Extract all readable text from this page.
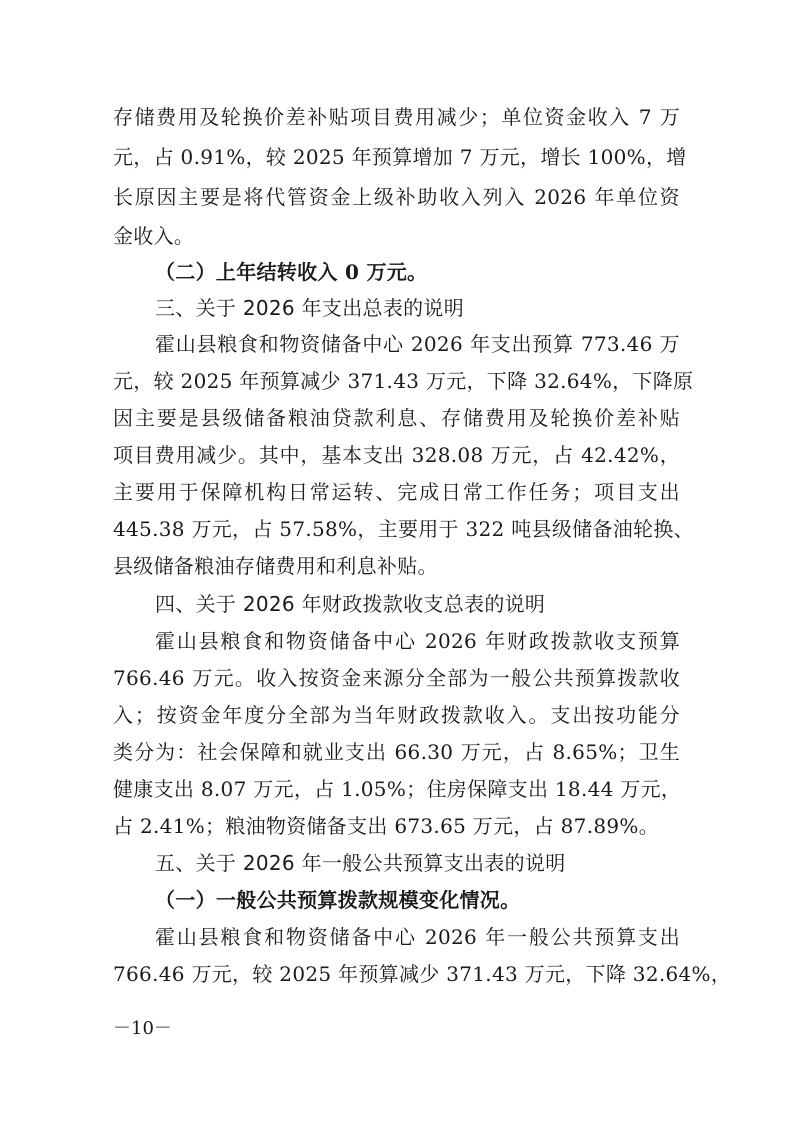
存储费用及轮换价差补贴项目费用减少；单位资金收入 7 万
元，占 0.91%，较 2025 年预算增加 7 万元，增长 100%，增
长原因主要是将代管资金上级补助收入列入 2026 年单位资
金收入。
（二）上年结转收入 0 万元。
三、关于 2026 年支出总表的说明
霍山县粮食和物资储备中心 2026 年支出预算 773.46 万
元，较 2025 年预算减少 371.43 万元，下降 32.64%，下降原
因主要是县级储备粮油贷款利息、存储费用及轮换价差补贴
项目费用减少。其中，基本支出 328.08 万元，占 42.42%，
主要用于保障机构日常运转、完成日常工作任务；项目支出
445.38 万元，占 57.58%，主要用于 322 吨县级储备油轮换、
县级储备粮油存储费用和利息补贴。
四、关于 2026 年财政拨款收支总表的说明
霍山县粮食和物资储备中心 2026 年财政拨款收支预算
766.46 万元。收入按资金来源分全部为一般公共预算拨款收
入；按资金年度分全部为当年财政拨款收入。支出按功能分
类分为：社会保障和就业支出 66.30 万元，占 8.65%；卫生
健康支出 8.07 万元，占 1.05%；住房保障支出 18.44 万元，
占 2.41%；粮油物资储备支出 673.65 万元，占 87.89%。
五、关于 2026 年一般公共预算支出表的说明
（一）一般公共预算拨款规模变化情况。
霍山县粮食和物资储备中心 2026 年一般公共预算支出
766.46 万元，较 2025 年预算减少 371.43 万元，下降 32.64%，
－10－
